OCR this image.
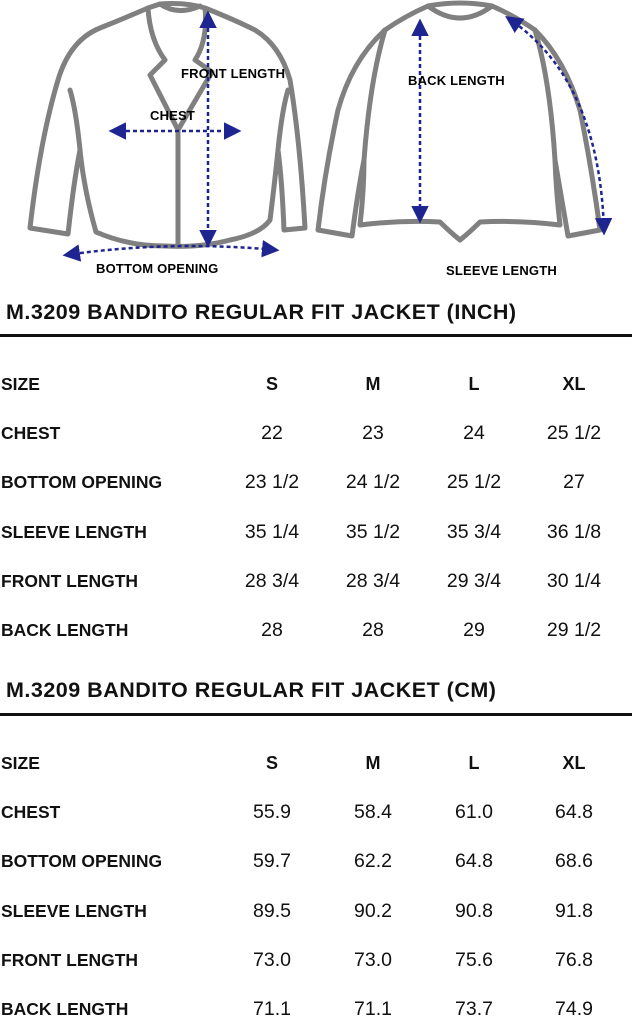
FRONT LENGTH
CHEST
BOTTOM OPENING
BACK LENGTH
SLEEVE LENGTH
M.3209 BANDITO REGULAR FIT JACKET (INCH)
SIZE	S	M	L	XL
CHEST	22	23	24	25 1/2
BOTTOM OPENING	23 1/2	24 1/2	25 1/2	27
SLEEVE LENGTH	35 1/4	35 1/2	35 3/4	36 1/8
FRONT LENGTH	28 3/4	28 3/4	29 3/4	30 1/4
BACK LENGTH	28	28	29	29 1/2
M.3209 BANDITO REGULAR FIT JACKET (CM)
SIZE	S	M	L	XL
CHEST	55.9	58.4	61.0	64.8
BOTTOM OPENING	59.7	62.2	64.8	68.6
SLEEVE LENGTH	89.5	90.2	90.8	91.8
FRONT LENGTH	73.0	73.0	75.6	76.8
BACK LENGTH	71.1	71.1	73.7	74.9
